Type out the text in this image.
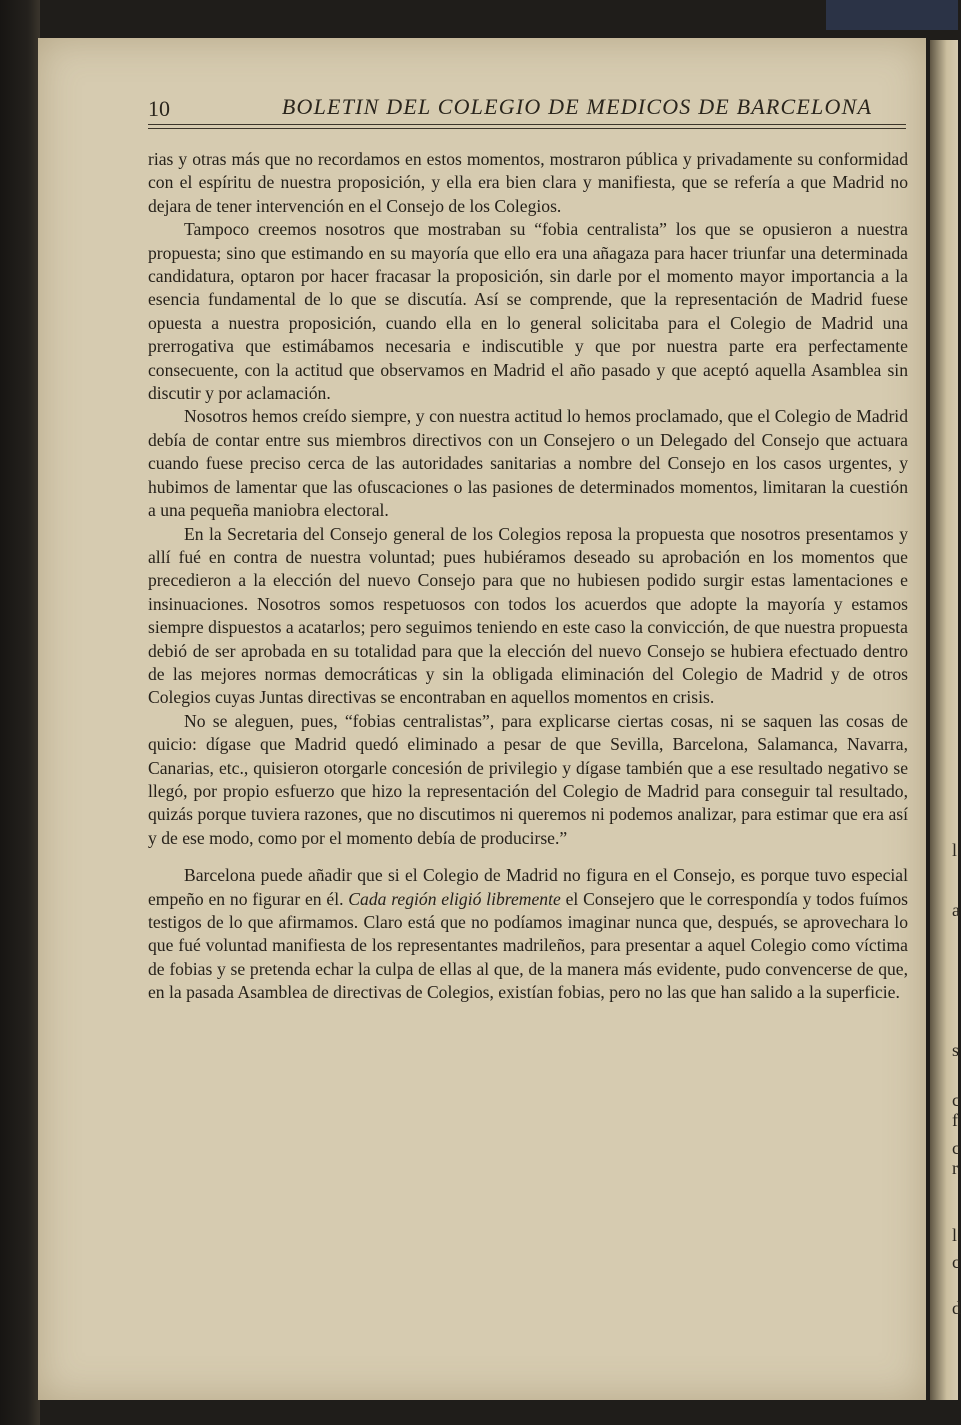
l
a
s
c
f
c
r
l
c
d
10	BOLETIN DEL COLEGIO DE MEDICOS DE BARCELONA

rias y otras más que no recordamos en estos momentos, mostraron pública y privadamente su conformidad con el espíritu de nuestra proposición, y ella era bien clara y manifiesta, que se refería a que Madrid no dejara de tener intervención en el Consejo de los Colegios.

Tampoco creemos nosotros que mostraban su “fobia centralista” los que se opusieron a nuestra propuesta; sino que estimando en su mayoría que ello era una añagaza para hacer triunfar una determinada candidatura, optaron por hacer fracasar la proposición, sin darle por el momento mayor importancia a la esencia fundamental de lo que se discutía. Así se comprende, que la representación de Madrid fuese opuesta a nuestra proposición, cuando ella en lo general solicitaba para el Colegio de Madrid una prerrogativa que estimábamos necesaria e indiscutible y que por nuestra parte era perfectamente consecuente, con la actitud que observamos en Madrid el año pasado y que aceptó aquella Asamblea sin discutir y por aclamación.

Nosotros hemos creído siempre, y con nuestra actitud lo hemos proclamado, que el Colegio de Madrid debía de contar entre sus miembros directivos con un Consejero o un Delegado del Consejo que actuara cuando fuese preciso cerca de las autoridades sanitarias a nombre del Consejo en los casos urgentes, y hubimos de lamentar que las ofuscaciones o las pasiones de determinados momentos, limitaran la cuestión a una pequeña maniobra electoral.

En la Secretaria del Consejo general de los Colegios reposa la propuesta que nosotros presentamos y allí fué en contra de nuestra voluntad; pues hubiéramos deseado su aprobación en los momentos que precedieron a la elección del nuevo Consejo para que no hubiesen podido surgir estas lamentaciones e insinuaciones. Nosotros somos respetuosos con todos los acuerdos que adopte la mayoría y estamos siempre dispuestos a acatarlos; pero seguimos teniendo en este caso la convicción, de que nuestra propuesta debió de ser aprobada en su totalidad para que la elección del nuevo Consejo se hubiera efectuado dentro de las mejores normas democráticas y sin la obligada eliminación del Colegio de Madrid y de otros Colegios cuyas Juntas directivas se encontraban en aquellos momentos en crisis.

No se aleguen, pues, “fobias centralistas”, para explicarse ciertas cosas, ni se saquen las cosas de quicio: dígase que Madrid quedó eliminado a pesar de que Sevilla, Barcelona, Salamanca, Navarra, Canarias, etc., quisieron otorgarle concesión de privilegio y dígase también que a ese resultado negativo se llegó, por propio esfuerzo que hizo la representación del Colegio de Madrid para conseguir tal resultado, quizás porque tuviera razones, que no discutimos ni queremos ni podemos analizar, para estimar que era así y de ese modo, como por el momento debía de producirse.”

Barcelona puede añadir que si el Colegio de Madrid no figura en el Consejo, es porque tuvo especial empeño en no figurar en él. Cada región eligió libremente el Consejero que le correspondía y todos fuímos testigos de lo que afirmamos. Claro está que no podíamos imaginar nunca que, después, se aprovechara lo que fué voluntad manifiesta de los representantes madrileños, para presentar a aquel Colegio como víctima de fobias y se pretenda echar la culpa de ellas al que, de la manera más evidente, pudo convencerse de que, en la pasada Asamblea de directivas de Colegios, existían fobias, pero no las que han salido a la superficie.
